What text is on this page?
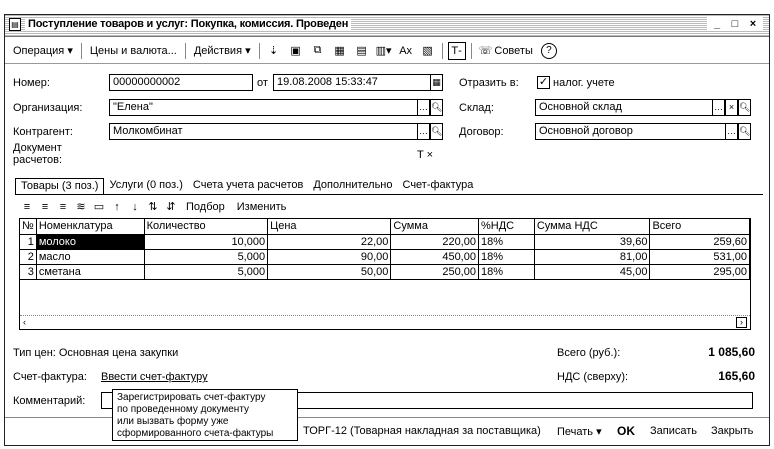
▤ Поступление товаров и услуг: Покупка, комиссия. Проведен	_	□	×
Операция ▾	Цены и валюта...	Действия ▾	⇣	▣	⧉	▦	▤ ▥▾ Ax ▧	Т‑	☏ Советы	?
Номер:	00000000002	от 19.08.2008 15:33:47	▦ Отразить в: ✓ налог. учете
Организация:	"Елена"	… 🔍︎ Склад:	Основной склад	… × 🔍︎
Контрагент:	Молкомбинат	… 🔍︎ Договор:	Основной договор	… 🔍︎
Документ
расчетов:	T ×
Товары (3 поз.)	Услуги (0 поз.) Счета учета расчетов Дополнительно Счет-фактура
≡	≡	≡ ≋ ▭ ↑	↓ ⇅ ⇵ Подбор	Изменить
№	Номенклатура	Количество	Цена	Сумма	%НДС	Сумма НДС	Всего
1	молоко	10,000	22,00	220,00	18%	39,60	259,60
2	масло	5,000	90,00	450,00	18%	81,00	531,00
3	сметана	5,000	50,00	250,00	18%	45,00	295,00
‹	›
Тип цен: Основная цена закупки	Всего (руб.):	1 085,60
Счет-фактура: Ввести счет-фактуру	НДС (сверху):	165,60
Комментарий:
ТОРГ-12 (Товарная накладная за поставщика) Печать ▾ OK Записать Закрыть
Зарегистрировать счет-фактуру
по проведенному документу
или вызвать форму уже
сформированного счета-фактуры
